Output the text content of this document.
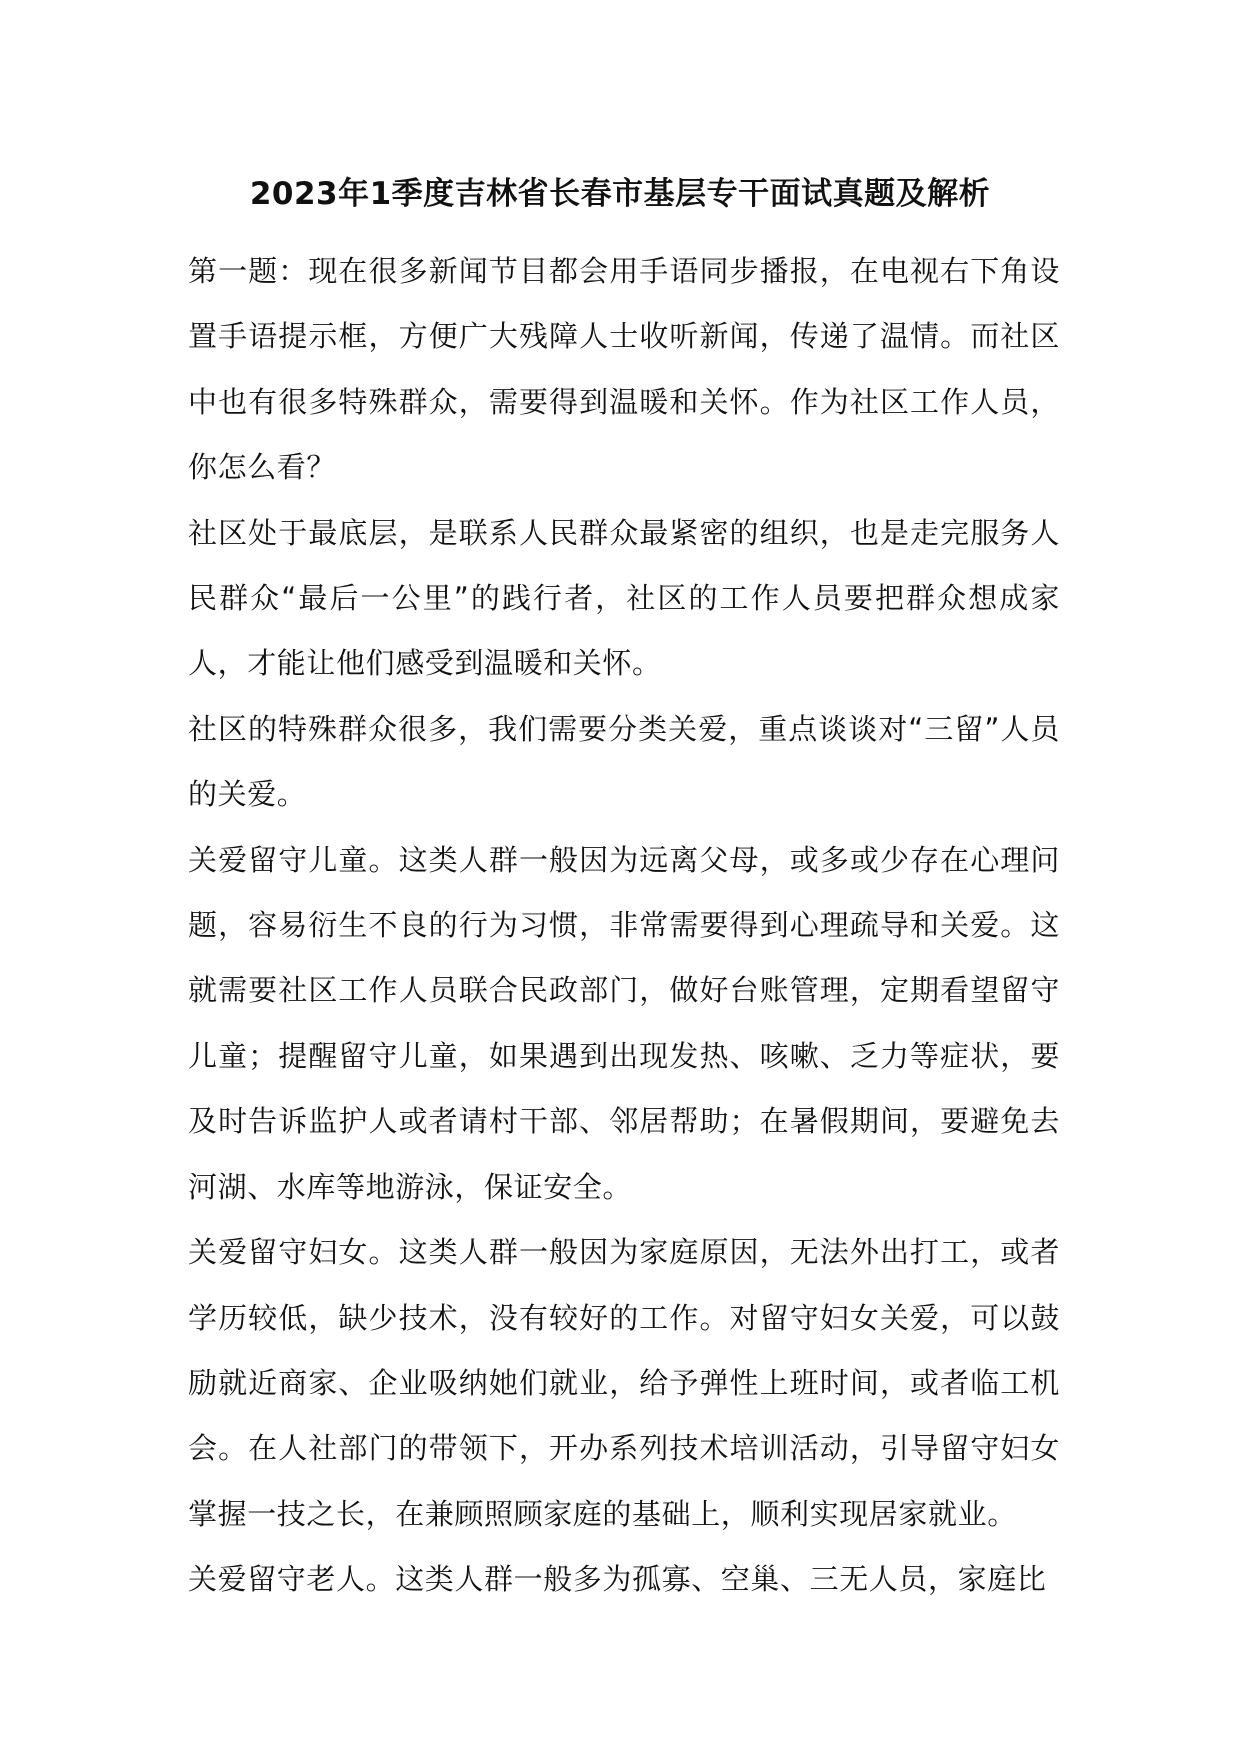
2023年1季度吉林省长春市基层专干面试真题及解析

第一题：现在很多新闻节目都会用手语同步播报，在电视右下角设置手语提示框，方便广大残障人士收听新闻，传递了温情。而社区中也有很多特殊群众，需要得到温暖和关怀。作为社区工作人员，你怎么看？

社区处于最底层，是联系人民群众最紧密的组织，也是走完服务人民群众“最后一公里”的践行者，社区的工作人员要把群众想成家人，才能让他们感受到温暖和关怀。

社区的特殊群众很多，我们需要分类关爱，重点谈谈对“三留”人员的关爱。

关爱留守儿童。这类人群一般因为远离父母，或多或少存在心理问题，容易衍生不良的行为习惯，非常需要得到心理疏导和关爱。这就需要社区工作人员联合民政部门，做好台账管理，定期看望留守儿童；提醒留守儿童，如果遇到出现发热、咳嗽、乏力等症状，要及时告诉监护人或者请村干部、邻居帮助；在暑假期间，要避免去河湖、水库等地游泳，保证安全。

关爱留守妇女。这类人群一般因为家庭原因，无法外出打工，或者学历较低，缺少技术，没有较好的工作。对留守妇女关爱，可以鼓励就近商家、企业吸纳她们就业，给予弹性上班时间，或者临工机会。在人社部门的带领下，开办系列技术培训活动，引导留守妇女掌握一技之长，在兼顾照顾家庭的基础上，顺利实现居家就业。

关爱留守老人。这类人群一般多为孤寡、空巢、三无人员，家庭比
